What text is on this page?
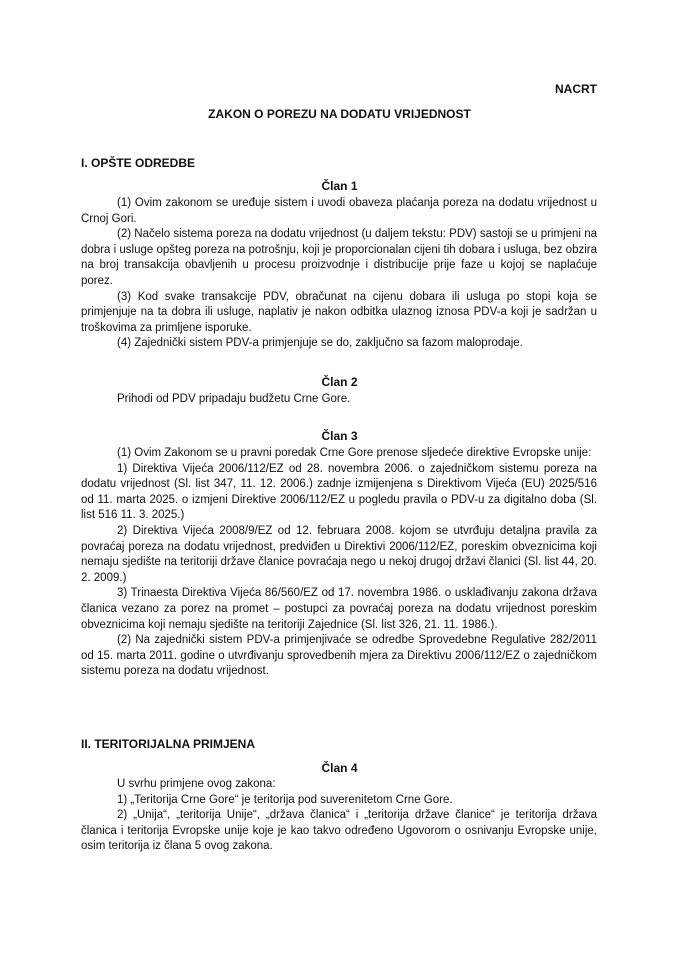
NACRT
ZAKON O POREZU NA DODATU VRIJEDNOST
I. OPŠTE ODREDBE
Član 1

(1) Ovim zakonom se uređuje sistem i uvodi obaveza plaćanja poreza na dodatu vrijednost u Crnoj Gori.

(2) Načelo sistema poreza na dodatu vrijednost (u daljem tekstu: PDV) sastoji se u primjeni na dobra i usluge opšteg poreza na potrošnju, koji je proporcionalan cijeni tih dobara i usluga, bez obzira na broj transakcija obavljenih u procesu proizvodnje i distribucije prije faze u kojoj se naplaćuje porez.

(3) Kod svake transakcije PDV, obračunat na cijenu dobara ili usluga po stopi koja se primjenjuje na ta dobra ili usluge, naplativ je nakon odbitka ulaznog iznosa PDV-a koji je sadržan u troškovima za primljene isporuke.

(4) Zajednički sistem PDV-a primjenjuje se do, zaključno sa fazom maloprodaje.

Član 2

Prihodi od PDV pripadaju budžetu Crne Gore.

Član 3

(1) Ovim Zakonom se u pravni poredak Crne Gore prenose sljedeće direktive Evropske unije:

1) Direktiva Vijeća 2006/112/EZ od 28. novembra 2006. o zajedničkom sistemu poreza na dodatu vrijednost (Sl. list 347, 11. 12. 2006.) zadnje izmijenjena s Direktivom Vijeća (EU) 2025/516 od 11. marta 2025. o izmjeni Direktive 2006/112/EZ u pogledu pravila o PDV-u za digitalno doba (Sl. list 516 11. 3. 2025.)

2) Direktiva Vijeća 2008/9/EZ od 12. februara 2008. kojom se utvrđuju detaljna pravila za povraćaj poreza na dodatu vrijednost, predviđen u Direktivi 2006/112/EZ, poreskim obveznicima koji nemaju sjedište na teritoriji države članice povraćaja nego u nekoj drugoj državi članici (Sl. list 44, 20. 2. 2009.)

3) Trinaesta Direktiva Vijeća 86/560/EZ od 17. novembra 1986. o usklađivanju zakona država članica vezano za porez na promet – postupci za povraćaj poreza na dodatu vrijednost poreskim obveznicima koji nemaju sjedište na teritoriji Zajednice (Sl. list 326, 21. 11. 1986.).

(2) Na zajednički sistem PDV-a primjenjivaće se odredbe Sprovedebne Regulative 282/2011 od 15. marta 2011. godine o utvrđivanju sprovedbenih mjera za Direktivu 2006/112/EZ o zajedničkom sistemu poreza na dodatu vrijednost.

II. TERITORIJALNA PRIMJENA
Član 4

U svrhu primjene ovog zakona:

1) „Teritorija Crne Gore“ je teritorija pod suverenitetom Crne Gore.

2) „Unija“, „teritorija Unije“, „država članica“ i „teritorija države članice“ je teritorija država članica i teritorija Evropske unije koje je kao takvo određeno Ugovorom o osnivanju Evropske unije, osim teritorija iz člana 5 ovog zakona.
